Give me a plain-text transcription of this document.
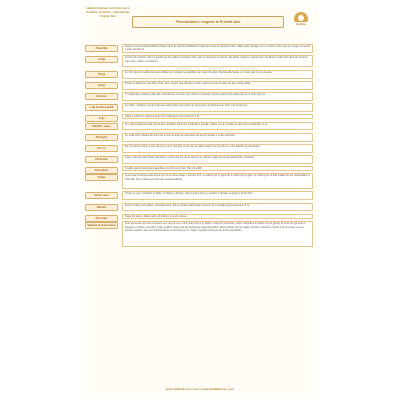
Hadhat i Ilustruar rreth Historive të Profetëve të Islamit — Kapitulli mbi Profetin Nuh
Përmbledhim i tregimit të Profetit Nuh
Hadithet
Prejardhja	Nuh ibn Lamek ibn Matushalah ibn Hanuh (Idris) ibn Jarid ibn Mahalail ibn Kajnan ibn Anush ibn Shith ibn Adem, Allahu qoftë i kënaqur me ta. Ai ishte profeti i parë që u dërgua te njerëzit e tokës pas Ademit.
Lindja	Ai lindi rreth njëqind e njëzet e gjashtë vjet pas vdekjes së Ademit. Ishte i pari i të dërguarve me sheriat, dhe Allahu e dërgoi te populli i tij kur ata filluan të adhuronin idhujt dhe devijuan nga rruga e drejtë e monoteizmit.
Thirrja	Ai i thirri njerëzit të adhuronin vetëm Allahun për nëntëqind e pesëdhjetë vjet, natën dhe ditën, fshehtas dhe haptas, por vetëm pak prej tyre besuan.
Idhujt	Populli i tij adhuronte pesë idhuj: Vedd, Suva, Jeguth, Jeuk dhe Nesr, emrat e njerëzve të mirë të cilëve më pas u bënë statuja.
Refuzimi	Të mëdhenjtë e popullit e tallën dhe e akuzuan për çmenduri, dhe i thanë se pasuesit e tij ishin vetëm më të dobëtit dhe më të varfrit prej tyre.
Lutja kundër popullit	Kur Allahu i shpalli se nuk do të besonte askush tjetër nga populli i tij, përveç atyre që kishin besuar, Nuhu u lut kundër tyre.
Anija	Allahu e urdhëroi të ndërtonte anijen nën mbikëqyrjen dhe frymëzimin e Tij.
Ndërtimi i anijes	Ai e ndërtoi anijen larg detit, dhe sa herë që kalonin pranë tij të mëdhenjtë e popullit, e tallnin, por ai u thoshte se edhe ata do të talleshin me ta.
Përmbytja	Kur erdhi urdhri i Allahut dhe furra vloi, ai mori në anije nga çdo krijesë nga një çift, familjen e tij dhe besimtarët.
Biri i tij	Biri i tij refuzoi të hipte në anije dhe tha se do të strehohej në një mal, por valët e ndanë mes tyre dhe ai u mbyt bashkë me jobesimtarët.
Përfundimi	Anija u ndal mbi malin Xhudij, dhe Allahu e shpëtoi atë dhe ata që ishin me të, ndërsa të gjithë ata që përgënjeshtruan u fundosën.
Pasardhësit	Të gjithë njerëzit pas tij janë pasardhës të tre bijve të tij: Sam, Ham dhe Jafith.
Vdekja	Ai jetoi pas përmbytjes edhe shumë vjet. Kur iu afrua vdekja, u tha bijve të tij: Ju urdhëroj për dy gjëra dhe ju ndaloj nga dy gjëra. Ju urdhëroj për La ilahe il-lallah dhe për Subhanallahi ue bihamdihi, dhe ju ndaloj nga shirku dhe mendjemadhësia.
Vendi i varrit	Thuhet se varri i tij ndodhet në Mekë, në Xhamin e Shenjtë, ndërsa të tjerë thonë se ndodhet në Bekaa, në qytetin e Kerkut Nuh.
Mësimet	Durimi në thirrje drejt Allahut, mbështetja tek Ai, dhe se shpëtimi është vetëm në besim dhe në bindje ndaj të dërguarve të Tij.
Përfundim	Paqja dhe bekimi i Allahut qoftë mbi Nuhun në mesin e botëve.
Shënime të rëndësishme	Nuhu përmendet në Kuran në shumë sure, dhe një sure e tërë mban emrin e tij. Allahu e quajti rob mirënjohës, sepse e falënderonte Allahun në çdo gjendje. Ai është një nga pesë të dërguarit e vendosur (ulul-azm): Nuhu, Ibrahimi, Musai, Isai dhe Muhamedi, paqja dhe bekimi i Allahut qofshin mbi ta të gjithë. Në Ditën e Kiametit, populli i tij do ta mohojë se ai ua përcolli mesazhin, dhe umeti i Muhamedit do të dëshmojë për të. Tregimi i tij është mësim për çdo thirrës drejt Allahut.
www.HadithEncyc.com | www.HadithEncyc.com
